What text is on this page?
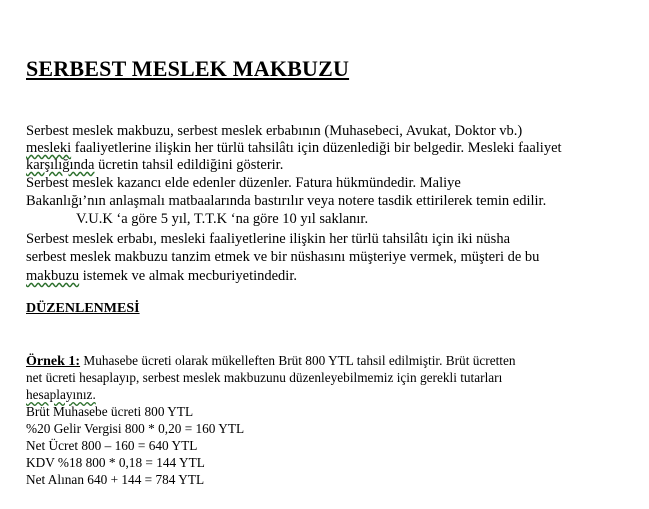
SERBEST MESLEK MAKBUZU
Serbest meslek makbuzu, serbest meslek erbabının (Muhasebeci, Avukat, Doktor vb.)
mesleki faaliyetlerine ilişkin her türlü tahsilâtı için düzenlediği bir belgedir. Mesleki faaliyet
karşılığında ücretin tahsil edildiğini gösterir.
Serbest meslek kazancı elde edenler düzenler. Fatura hükmündedir. Maliye
Bakanlığı’nın anlaşmalı matbaalarında bastırılır veya notere tasdik ettirilerek temin edilir.
V.U.K ‘a göre 5 yıl, T.T.K ‘na göre 10 yıl saklanır.
Serbest meslek erbabı, mesleki faaliyetlerine ilişkin her türlü tahsilâtı için iki nüsha
serbest meslek makbuzu tanzim etmek ve bir nüshasını müşteriye vermek, müşteri de bu
makbuzu istemek ve almak mecburiyetindedir.
DÜZENLENMESİ
Örnek 1: Muhasebe ücreti olarak mükelleften Brüt 800 YTL tahsil edilmiştir. Brüt ücretten
net ücreti hesaplayıp, serbest meslek makbuzunu düzenleyebilmemiz için gerekli tutarları
hesaplayınız.
Brüt Muhasebe ücreti 800 YTL
%20 Gelir Vergisi 800 * 0,20 = 160 YTL
Net Ücret 800 – 160 = 640 YTL
KDV %18 800 * 0,18 = 144 YTL
Net Alınan 640 + 144 = 784 YTL
